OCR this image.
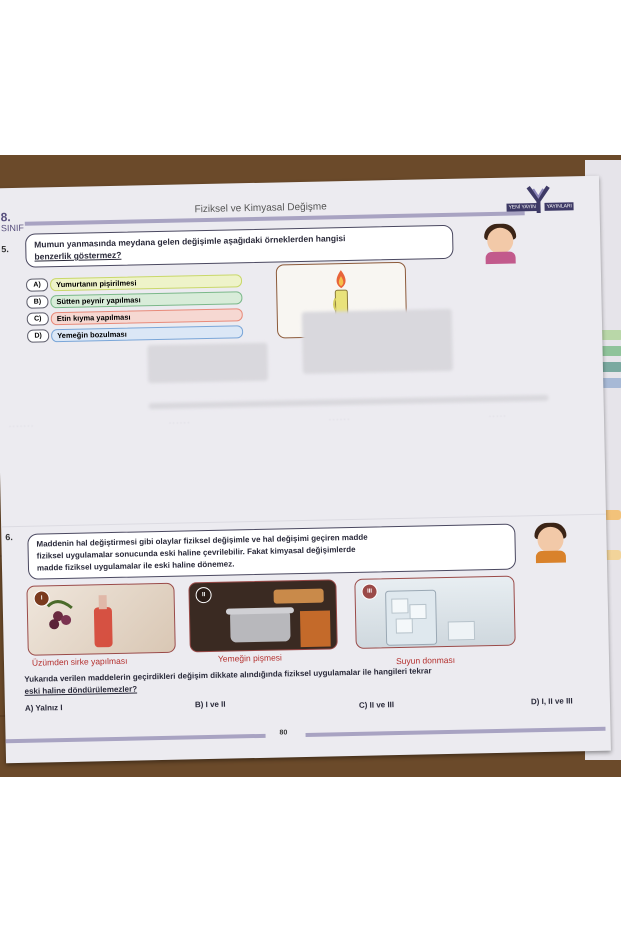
8.
SINIF
Fiziksel ve Kimyasal Değişme	YENİ YAYIN	YAYINLARI
5.	Mumun yanmasında meydana gelen değişimle aşağıdaki örneklerden hangisi
benzerlik göstermez?
A)	Yumurtanın pişirilmesi
B)	Sütten peynir yapılması
C)	Etin kıyma yapılması
D)	Yemeğin bozulması
· · · · · · ·
· · · · · ·
· · · · · ·
· · · · ·
6.	Maddenin hal değiştirmesi gibi olaylar fiziksel değişimle ve hal değişimi geçiren madde
fiziksel uygulamalar sonucunda eski haline çevrilebilir. Fakat kimyasal değişimlerde
madde fiziksel uygulamalar ile eski haline dönemez.
I
II
III
Üzümden sirke yapılması	Yemeğin pişmesi	Suyun donması
Yukarıda verilen maddelerin geçirdikleri değişim dikkate alındığında fiziksel uygulamalar ile hangileri tekrar
eski haline döndürülemezler?
A) Yalnız I	B) I ve II	C) II ve III	D) I, II ve III
80
